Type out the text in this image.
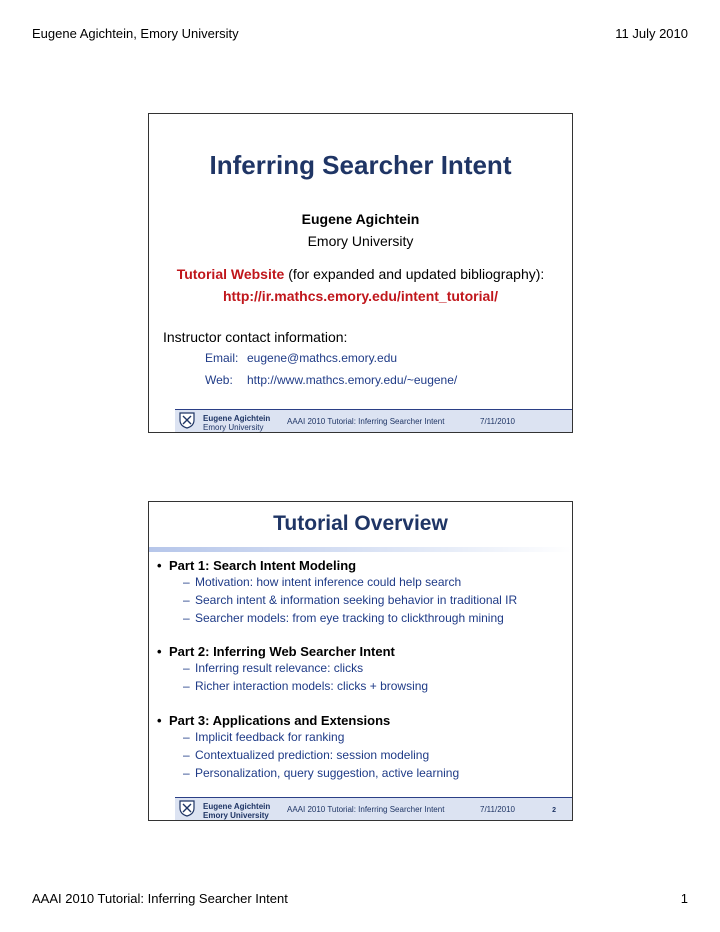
Eugene Agichtein, Emory University	11 July 2010
Inferring Searcher Intent
Eugene Agichtein
Emory University
Tutorial Website (for expanded and updated bibliography):
http://ir.mathcs.emory.edu/intent_tutorial/
Instructor contact information:
Email: eugene@mathcs.emory.edu
Web: http://www.mathcs.emory.edu/~eugene/
Eugene Agichtein
Emory University
AAAI 2010 Tutorial: Inferring Searcher Intent	7/11/2010
Tutorial Overview
• Part 1: Search Intent Modeling
– Motivation: how intent inference could help search
– Search intent & information seeking behavior in traditional IR
– Searcher models: from eye tracking to clickthrough mining
• Part 2: Inferring Web Searcher Intent
– Inferring result relevance: clicks
– Richer interaction models: clicks + browsing
• Part 3: Applications and Extensions
– Implicit feedback for ranking
– Contextualized prediction: session modeling
– Personalization, query suggestion, active learning
Eugene Agichtein
Emory University
AAAI 2010 Tutorial: Inferring Searcher Intent	7/11/2010	2
AAAI 2010 Tutorial: Inferring Searcher Intent	1
